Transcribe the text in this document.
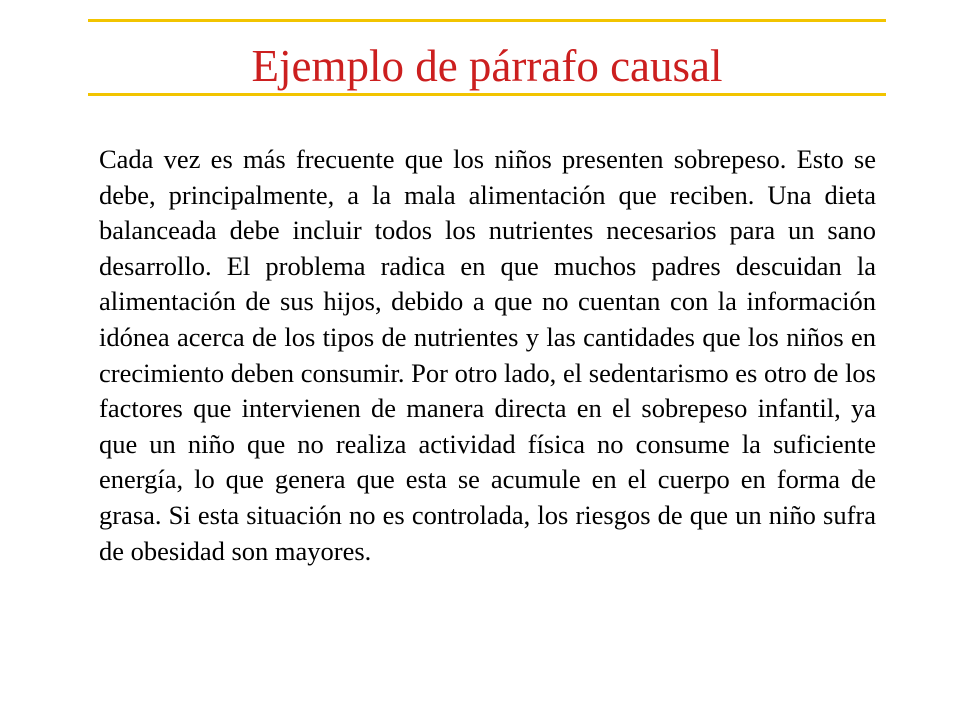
Ejemplo de párrafo causal

Cada vez es más frecuente que los niños presenten sobrepeso. Esto se debe, principalmente, a la mala alimentación que reciben. Una dieta balanceada debe incluir todos los nutrientes necesarios para un sano desarrollo. El problema radica en que muchos padres descuidan la alimentación de sus hijos, debido a que no cuentan con la información idónea acerca de los tipos de nutrientes y las cantidades que los niños en crecimiento deben consumir. Por otro lado, el sedentarismo es otro de los factores que intervienen de manera directa en el sobrepeso infantil, ya que un niño que no realiza actividad física no consume la suficiente energía, lo que genera que esta se acumule en el cuerpo en forma de grasa. Si esta situación no es controlada, los riesgos de que un niño sufra de obesidad son mayores.
